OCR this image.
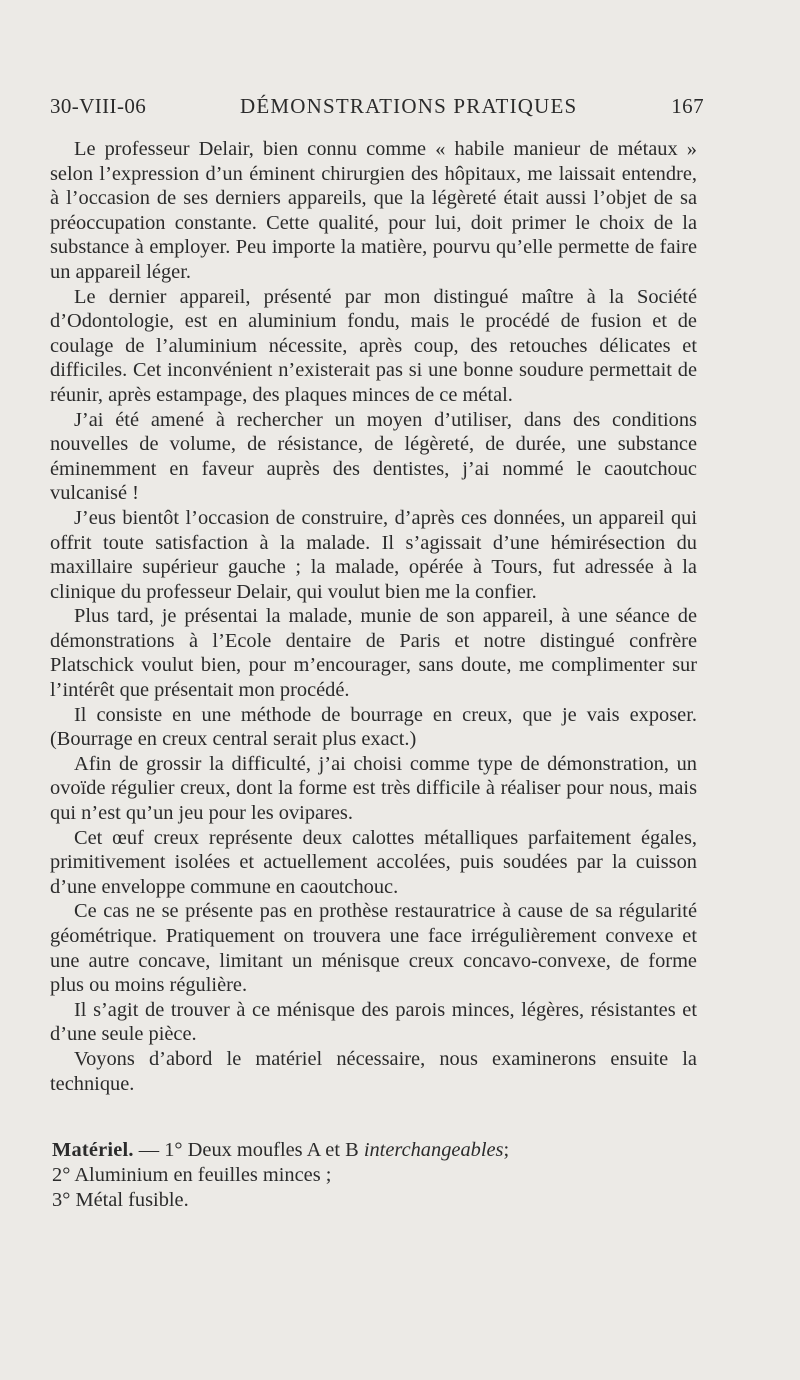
30-VIII-06	DÉMONSTRATIONS PRATIQUES	167

Le professeur Delair, bien connu comme « habile manieur de métaux » selon l’expression d’un éminent chirurgien des hôpitaux, me laissait entendre, à l’occasion de ses derniers appareils, que la légèreté était aussi l’objet de sa préoccupation constante. Cette qualité, pour lui, doit primer le choix de la substance à employer. Peu importe la matière, pourvu qu’elle permette de faire un appareil léger.

Le dernier appareil, présenté par mon distingué maître à la Société d’Odontologie, est en aluminium fondu, mais le procédé de fusion et de coulage de l’aluminium nécessite, après coup, des retouches délicates et difficiles. Cet inconvénient n’existerait pas si une bonne soudure permettait de réunir, après estampage, des plaques minces de ce métal.

J’ai été amené à rechercher un moyen d’utiliser, dans des conditions nouvelles de volume, de résistance, de légèreté, de durée, une substance éminemment en faveur auprès des dentistes, j’ai nommé le caoutchouc vulcanisé !

J’eus bientôt l’occasion de construire, d’après ces données, un appareil qui offrit toute satisfaction à la malade. Il s’agissait d’une hémirésection du maxillaire supérieur gauche ; la malade, opérée à Tours, fut adressée à la clinique du professeur Delair, qui voulut bien me la confier.

Plus tard, je présentai la malade, munie de son appareil, à une séance de démonstrations à l’Ecole dentaire de Paris et notre distingué confrère Platschick voulut bien, pour m’encourager, sans doute, me complimenter sur l’intérêt que présentait mon procédé.

Il consiste en une méthode de bourrage en creux, que je vais exposer. (Bourrage en creux central serait plus exact.)

Afin de grossir la difficulté, j’ai choisi comme type de démonstration, un ovoïde régulier creux, dont la forme est très difficile à réaliser pour nous, mais qui n’est qu’un jeu pour les ovipares.

Cet œuf creux représente deux calottes métalliques parfaitement égales, primitivement isolées et actuellement accolées, puis soudées par la cuisson d’une enveloppe commune en caoutchouc.

Ce cas ne se présente pas en prothèse restauratrice à cause de sa régularité géométrique. Pratiquement on trouvera une face irrégulièrement convexe et une autre concave, limitant un ménisque creux concavo-convexe, de forme plus ou moins régulière.

Il s’agit de trouver à ce ménisque des parois minces, légères, résistantes et d’une seule pièce.

Voyons d’abord le matériel nécessaire, nous examinerons ensuite la technique.

Matériel. — 1° Deux moufles A et B interchangeables;

2° Aluminium en feuilles minces ;

3° Métal fusible.
